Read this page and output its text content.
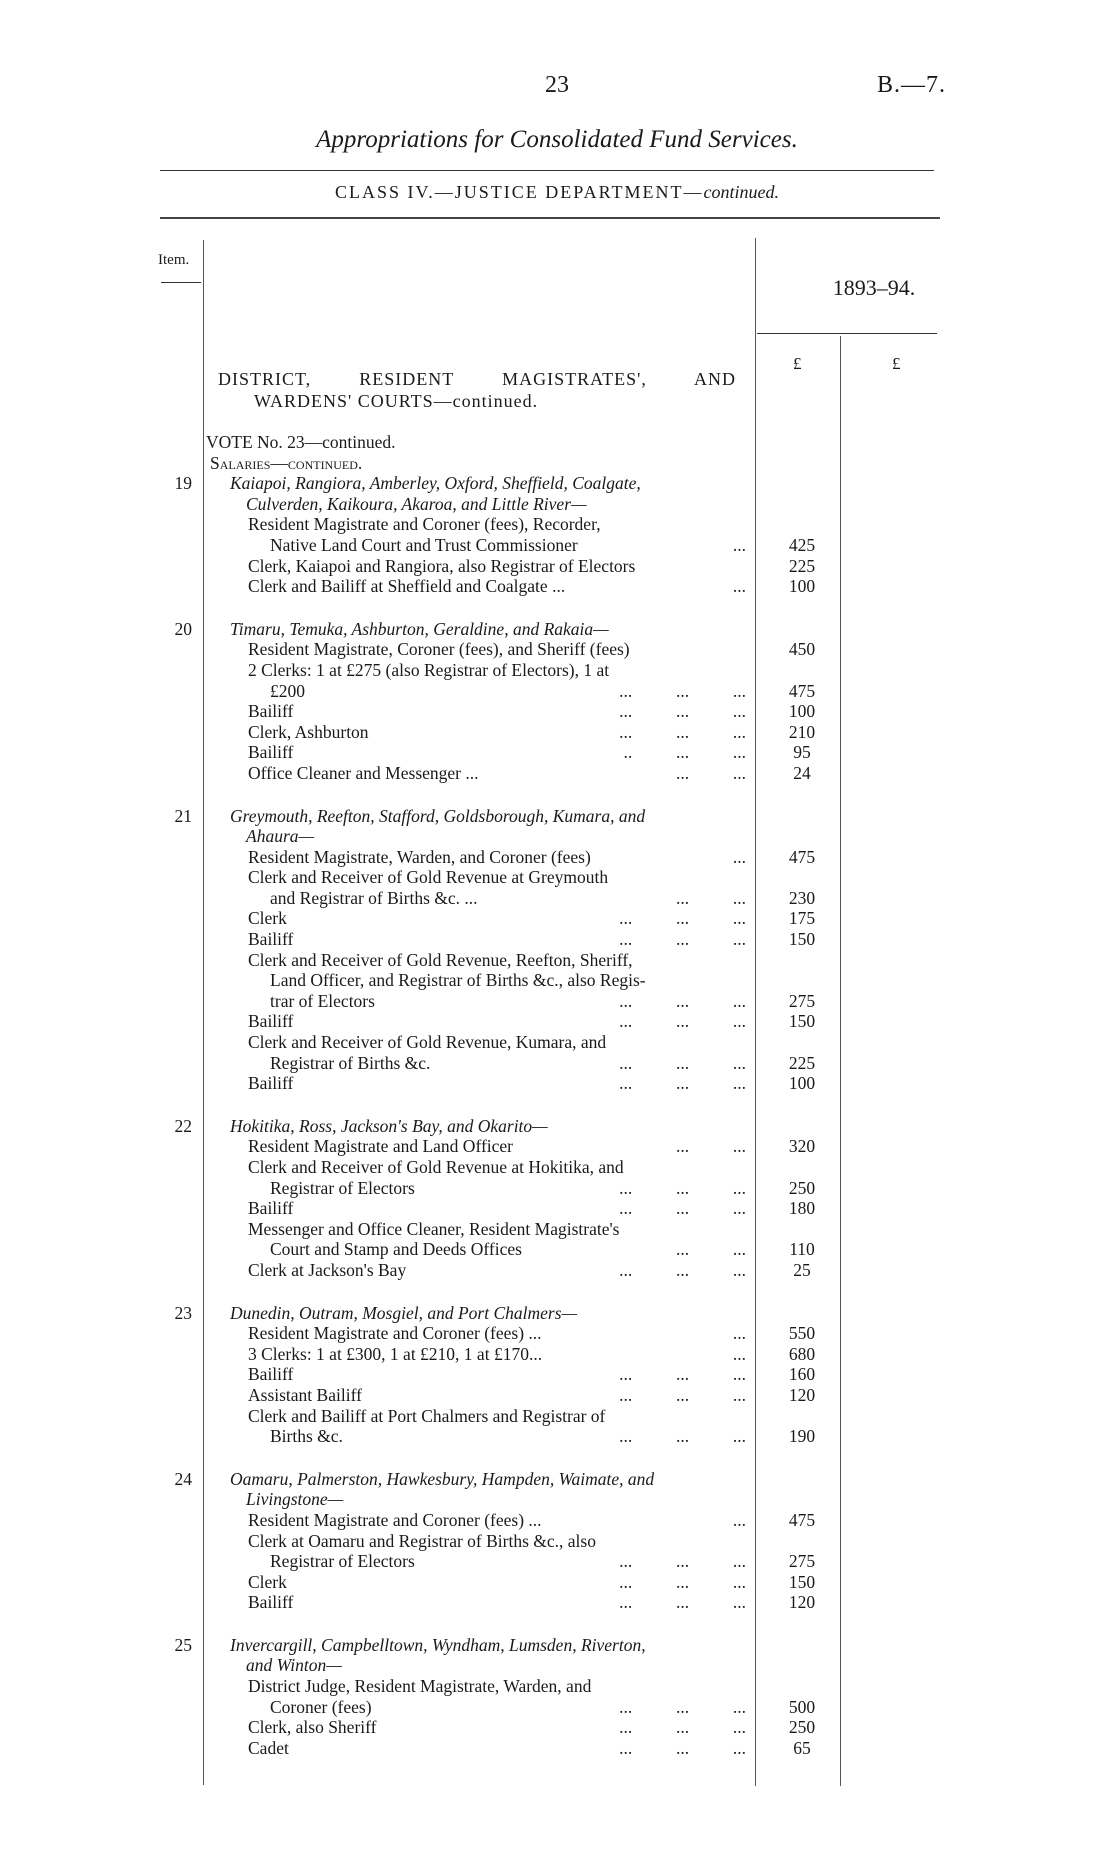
23	B.—7.
Appropriations for Consolidated Fund Services.
CLASS IV.—JUSTICE DEPARTMENT—continued.
Item.
1893–94.
£	£
DISTRICT, RESIDENT MAGISTRATES', AND
WARDENS' COURTS—continued.
VOTE No. 23—continued.
Salaries—continued.
19 Kaiapoi, Rangiora, Amberley, Oxford, Sheffield, Coalgate,
Culverden, Kaikoura, Akaroa, and Little River—
Resident Magistrate and Coroner (fees), Recorder,
Native Land Court and Trust Commissioner	...	425
Clerk, Kaiapoi and Rangiora, also Registrar of Electors	225
Clerk and Bailiff at Sheffield and Coalgate ...	...	100
20 Timaru, Temuka, Ashburton, Geraldine, and Rakaia—
Resident Magistrate, Coroner (fees), and Sheriff (fees)	450
2 Clerks: 1 at £275 (also Registrar of Electors), 1 at
£200	...          ...          ...	475
Bailiff	...          ...          ...	100
Clerk, Ashburton	...          ...          ...	210
Bailiff	..          ...          ...	95
Office Cleaner and Messenger ...	...          ...	24
21 Greymouth, Reefton, Stafford, Goldsborough, Kumara, and
Ahaura—
Resident Magistrate, Warden, and Coroner (fees)	...	475
Clerk and Receiver of Gold Revenue at Greymouth
and Registrar of Births &c. ...	...          ...	230
Clerk	...          ...          ...	175
Bailiff	...          ...          ...	150
Clerk and Receiver of Gold Revenue, Reefton, Sheriff,
Land Officer, and Registrar of Births &c., also Regis-
trar of Electors	...          ...          ...	275
Bailiff	...          ...          ...	150
Clerk and Receiver of Gold Revenue, Kumara, and
Registrar of Births &c.	...          ...          ...	225
Bailiff	...          ...          ...	100
22 Hokitika, Ross, Jackson's Bay, and Okarito—
Resident Magistrate and Land Officer	...          ...	320
Clerk and Receiver of Gold Revenue at Hokitika, and
Registrar of Electors	...          ...          ...	250
Bailiff	...          ...          ...	180
Messenger and Office Cleaner, Resident Magistrate's
Court and Stamp and Deeds Offices	...          ...	110
Clerk at Jackson's Bay	...          ...          ...	25
23 Dunedin, Outram, Mosgiel, and Port Chalmers—
Resident Magistrate and Coroner (fees) ...	...	550
3 Clerks: 1 at £300, 1 at £210, 1 at £170...	...	680
Bailiff	...          ...          ...	160
Assistant Bailiff	...          ...          ...	120
Clerk and Bailiff at Port Chalmers and Registrar of
Births &c.	...          ...          ...	190
24 Oamaru, Palmerston, Hawkesbury, Hampden, Waimate, and
Livingstone—
Resident Magistrate and Coroner (fees) ...	...	475
Clerk at Oamaru and Registrar of Births &c., also
Registrar of Electors	...          ...          ...	275
Clerk	...          ...          ...	150
Bailiff	...          ...          ...	120
25 Invercargill, Campbelltown, Wyndham, Lumsden, Riverton,
and Winton—
District Judge, Resident Magistrate, Warden, and
Coroner (fees)	...          ...          ...	500
Clerk, also Sheriff	...          ...          ...	250
Cadet	...          ...          ...	65
